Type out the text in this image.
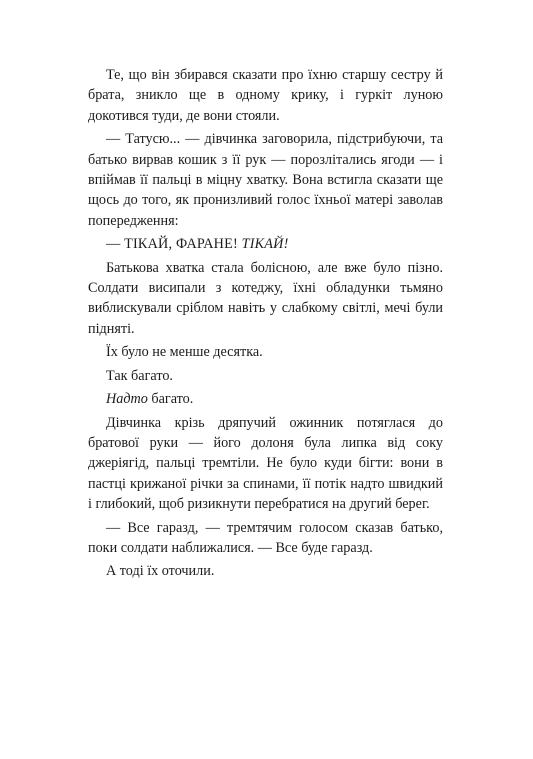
Те, що він збирався сказати про їхню старшу сестру й брата, зникло ще в одному крику, і гуркіт луною докотився туди, де вони стояли.

— Татусю... — дівчинка заговорила, підстрибуючи, та батько вирвав кошик з її рук — порозлітались ягоди — і впіймав її пальці в міцну хватку. Вона встигла сказати ще щось до того, як пронизливий голос їхньої матері заволав попередження:

— ТІКАЙ, ФАРАНЕ! ТІКАЙ!

Батькова хватка стала болісною, але вже було пізно. Солдати висипали з котеджу, їхні обладунки тьмяно виблискували сріблом навіть у слабкому світлі, мечі були підняті.

Їх було не менше десятка.

Так багато.

Надто багато.

Дівчинка крізь дряпучий ожинник потяглася до братової руки — його долоня була липка від соку джеріягід, пальці тремтіли. Не було куди бігти: вони в пастці крижаної річки за спинами, її потік надто швидкий і глибокий, щоб ризикнути перебратися на другий берег.

— Все гаразд, — тремтячим голосом сказав батько, поки солдати наближалися. — Все буде гаразд.

А тоді їх оточили.
